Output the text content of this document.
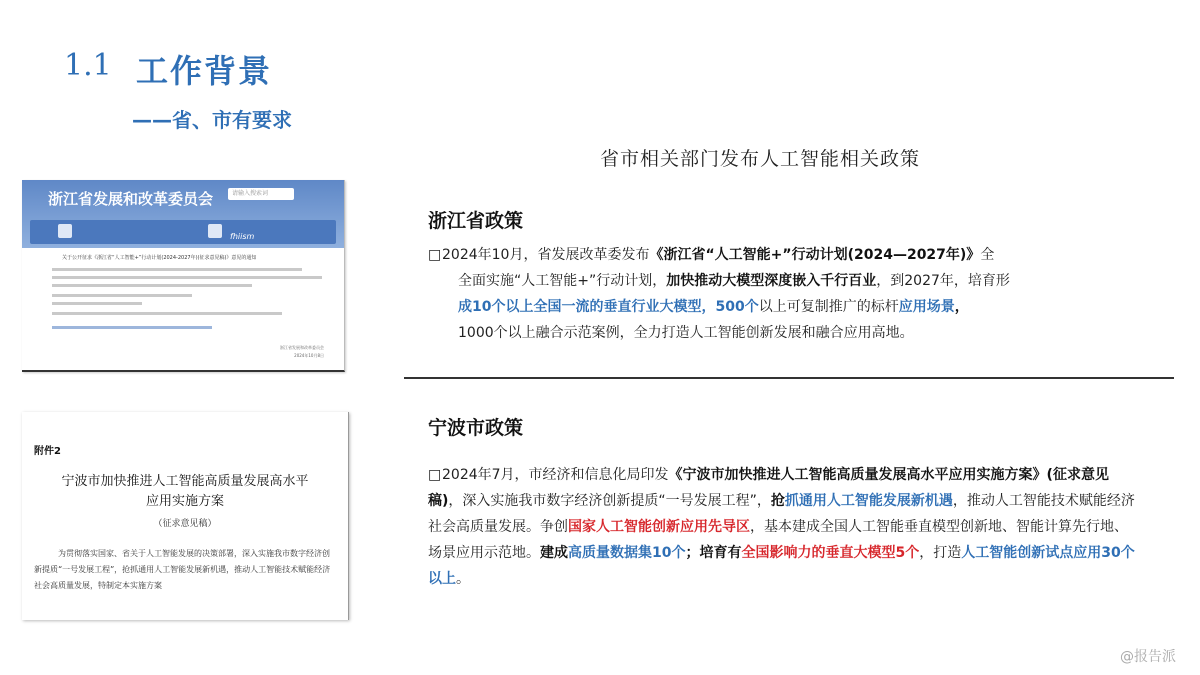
1.1 工作背景
——省、市有要求
省市相关部门发布人工智能相关政策
浙江省发展和改革委员会	请输入搜索词
fhiism
关于公开征求《浙江省“人工智能+”行动计划(2024-2027年)(征求意见稿)》意见的通知
浙江省发展和改革委员会
2024年10月8日
附件2
宁波市加快推进人工智能高质量发展高水平
应用实施方案
（征求意见稿）
为贯彻落实国家、省关于人工智能发展的决策部署，深入实施我市数字经济创新提质“一号发展工程”，抢抓通用人工智能发展新机遇，推动人工智能技术赋能经济社会高质量发展，特制定本实施方案
浙江省政策
□2024年10月，省发展改革委发布《浙江省“人工智能+”行动计划(2024—2027年)》全
全面实施“人工智能+”行动计划，加快推动大模型深度嵌入千行百业，到2027年，培育形
成10个以上全国一流的垂直行业大模型，500个以上可复制推广的标杆应用场景，
1000个以上融合示范案例，全力打造人工智能创新发展和融合应用高地。
宁波市政策
□2024年7月，市经济和信息化局印发《宁波市加快推进人工智能高质量发展高水平应用实施方案》(征求意见稿)，深入实施我市数字经济创新提质“一号发展工程”，抢抓通用人工智能发展新机遇，推动人工智能技术赋能经济社会高质量发展。争创国家人工智能创新应用先导区，基本建成全国人工智能垂直模型创新地、智能计算先行地、场景应用示范地。建成高质量数据集10个；培育有全国影响力的垂直大模型5个，打造人工智能创新试点应用30个以上。
@报告派
